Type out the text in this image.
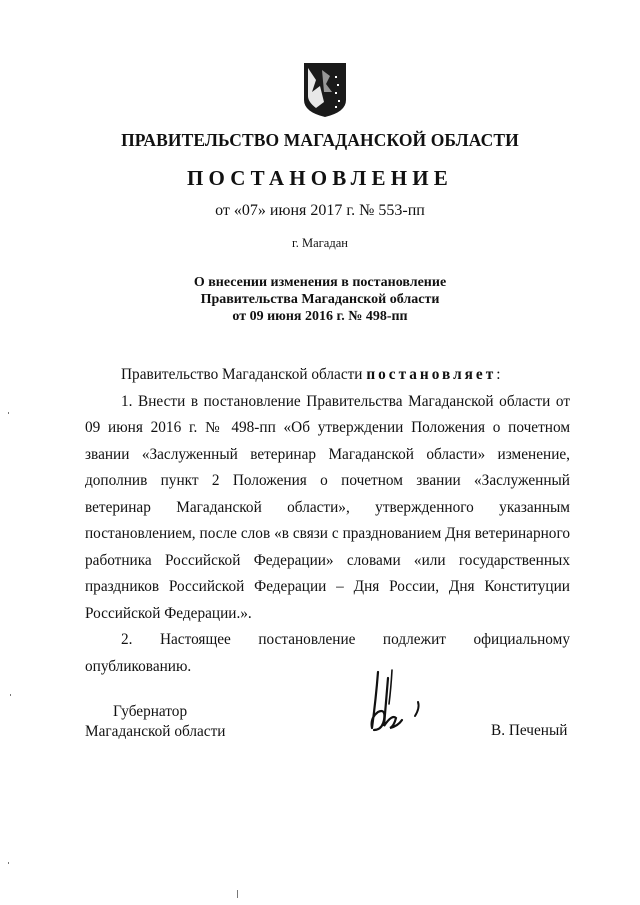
ПРАВИТЕЛЬСТВО МАГАДАНСКОЙ ОБЛАСТИ
ПОСТАНОВЛЕНИЕ
от «07» июня 2017 г. № 553-пп
г. Магадан
О внесении изменения в постановление
Правительства Магаданской области
от 09 июня 2016 г. № 498-пп

Правительство Магаданской области постановляет:

1. Внести в постановление Правительства Магаданской области от 09 июня 2016 г. № 498-пп «Об утверждении Положения о почетном звании «Заслуженный ветеринар Магаданской области» изменение, дополнив пункт 2 Положения о почетном звании «Заслуженный ветеринар Магаданской области», утвержденного указанным постановлением, после слов «в связи с празднованием Дня ветеринарного работника Российской Федерации» словами «или государственных праздников Российской Федерации – Дня России, Дня Конституции Российской Федерации.».

2. Настоящее постановление подлежит официальному опубликованию.

Губернатор
Магаданской области	В. Печеный
